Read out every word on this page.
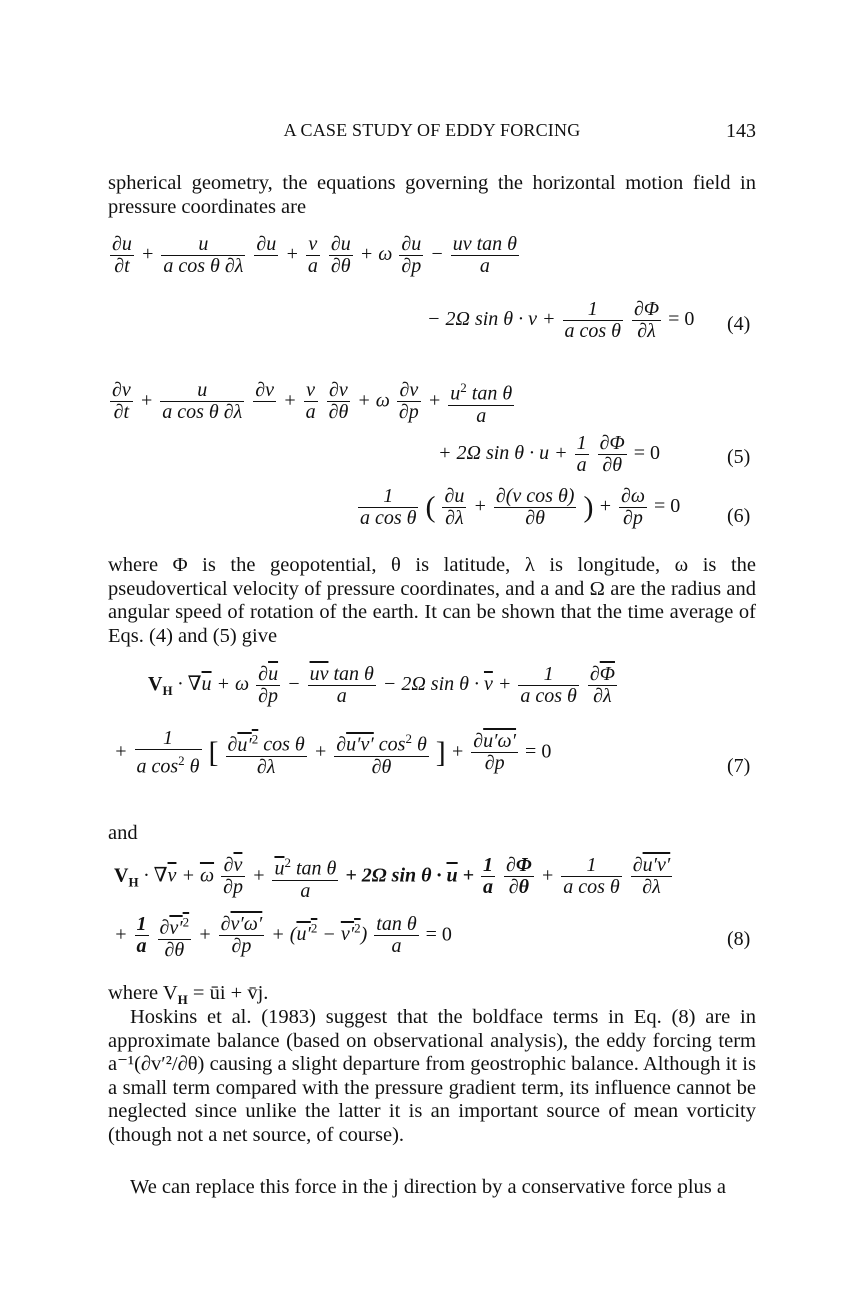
A CASE STUDY OF EDDY FORCING	143

spherical geometry, the equations governing the horizontal motion field in pressure coordinates are

$\frac{\partial u}{\partial t} + \frac{u}{\text{a cos θ ∂λ}}$
∂u
+ $\frac{v}{a}$
$\frac{\partial u}{\partial\theta} + \omega \frac{\partial u}{\partial p} - \frac{\text{uv tan θ}}{a}$
− 2Ω $\sin \theta \cdot v + \frac{1}{\text{a cos θ}}$
$\frac{\partial\Phi}{\partial\lambda} = 0$ (4)
$\frac{\partial v}{\partial t} + \frac{u}{\text{a cos θ ∂λ}}$
∂v
+ $\frac{v}{a}$
$\frac{\partial v}{\partial\theta} + \omega \frac{\partial v}{\partial p} + \frac{u^2 \tan \theta}{a}$
+ 2Ω $\sin \theta \cdot u + \frac{1}{a}$
$\frac{\partial\Phi}{\partial\theta} = 0$	(5)
$\frac{1}{\text{a cos θ}}$ ( $\frac{\partial u}{\partial\lambda} + \frac{\text{∂(v cos θ)}}{\partial\theta}$ ) + $\frac{\partial\omega}{\partial p} = 0$ (6)

where Φ is the geopotential, θ is latitude, λ is longitude, ω is the pseudovertical velocity of pressure coordinates, and a and Ω are the radius and angular speed of rotation of the earth. It can be shown that the time average of Eqs. (4) and (5) give

$V_H \cdot \nabla\overline{u} + \omega \frac{\partial\overline{u}}{\partial p} - \frac{\overline{uv} \tan \theta}{a} - 2\Omega$ $\sin \theta \cdot \overline{v} + \frac{1}{\text{a cos θ}}$
$\frac{\partial\overline{\Phi}}{\partial\lambda}$
+ $\frac{1}{a \cos^2 \theta}$ [ $\frac{\partial u'^2 \cos \theta}{\partial\lambda} + \frac{\partial u'v' \cos^2 \theta}{\partial\theta}$ ] + $\frac{\partial u'\omega'}{\partial p} = 0$
(7)
and
$V_H \cdot \nabla\overline{v} + \overline{\omega} \frac{\partial\overline{v}}{\partial p} + \frac{\overline{u}^2 \tan \theta}{a} + 2\Omega$ $\sin \theta \cdot \overline{u} + \frac{1}{a}$
$\frac{\partial\Phi}{\partial\theta} + \frac{1}{\text{a cos θ}}$
$\frac{\partial u'v'}{\partial\lambda}$
+ $\frac{1}{a}$
$\frac{\partial v'^2}{\partial\theta} + \frac{\partial v'\omega'}{\partial p} + (u'^2 - v'^2) \frac{\text{tan θ}}{a} = 0$	(8)
where $V_H$ = ūi + v̄j.

Hoskins et al. (1983) suggest that the boldface terms in Eq. (8) are in approximate balance (based on observational analysis), the eddy forcing term a⁻¹(∂v′²/∂θ) causing a slight departure from geostrophic balance. Although it is a small term compared with the pressure gradient term, its influence cannot be neglected since unlike the latter it is an important source of mean vorticity (though not a net source, of course).

We can replace this force in the j direction by a conservative force plus a
